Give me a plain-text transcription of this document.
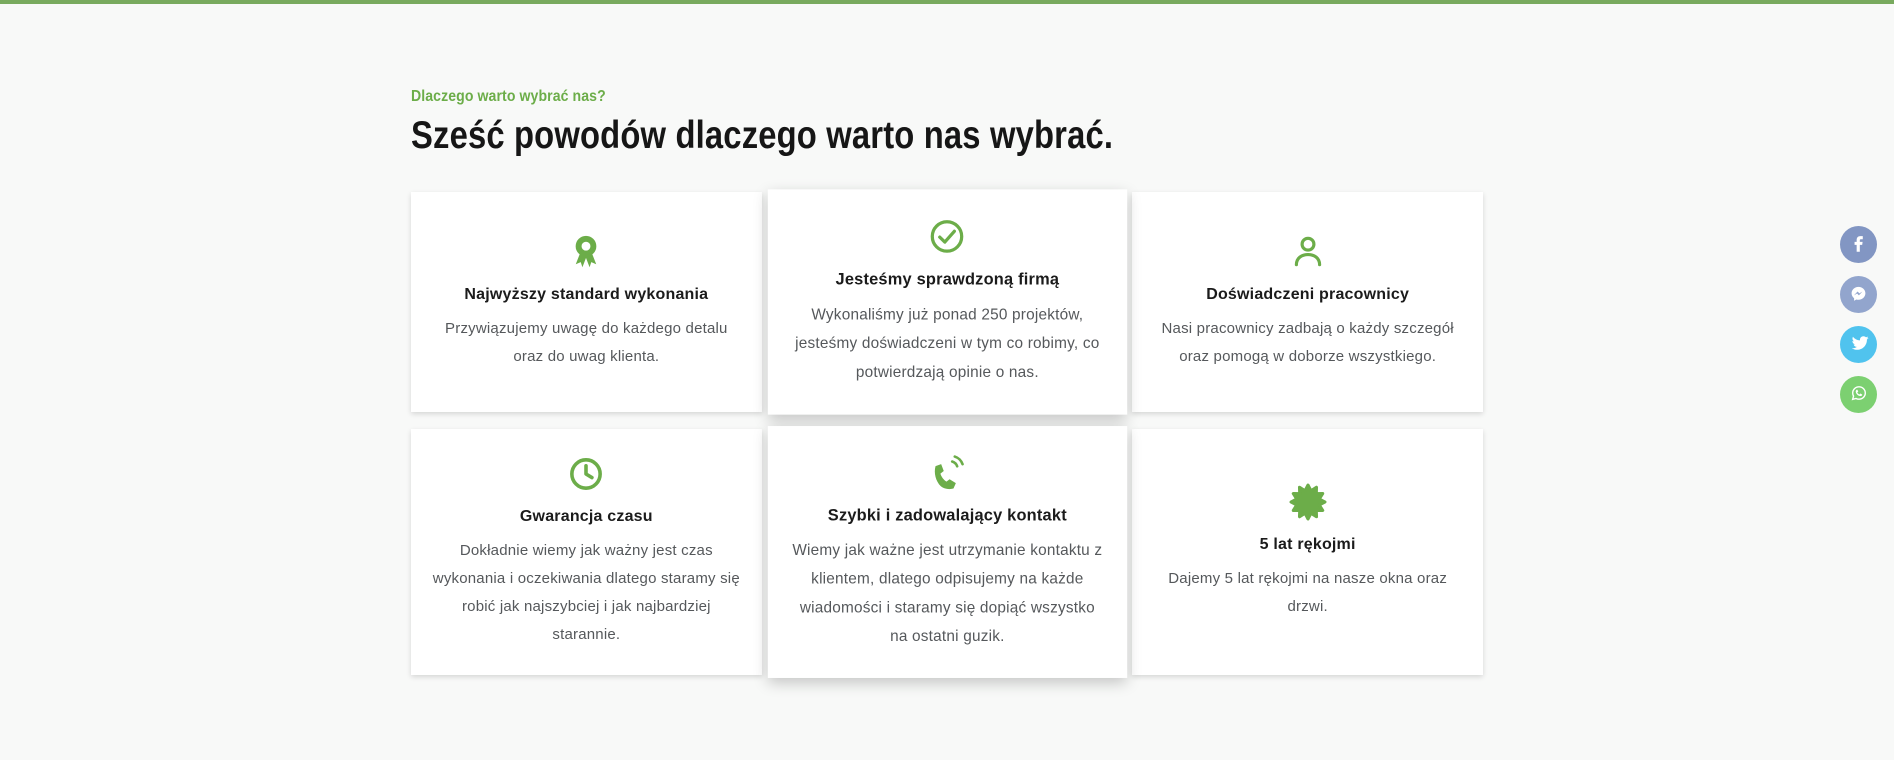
Dlaczego warto wybrać nas?

Sześć powodów dlaczego warto nas wybrać.
Najwyższy standard wykonania

Przywiązujemy uwagę do każdego detalu oraz do uwag klienta.

Jesteśmy sprawdzoną firmą

Wykonaliśmy już ponad 250 projektów, jesteśmy doświadczeni w tym co robimy, co potwierdzają opinie o nas.

Doświadczeni pracownicy

Nasi pracownicy zadbają o każdy szczegół oraz pomogą w doborze wszystkiego.

Gwarancja czasu

Dokładnie wiemy jak ważny jest czas wykonania i oczekiwania dlatego staramy się robić jak najszybciej i jak najbardziej starannie.

Szybki i zadowalający kontakt

Wiemy jak ważne jest utrzymanie kontaktu z klientem, dlatego odpisujemy na każde wiadomości i staramy się dopiąć wszystko na ostatni guzik.

5 lat rękojmi

Dajemy 5 lat rękojmi na nasze okna oraz drzwi.
